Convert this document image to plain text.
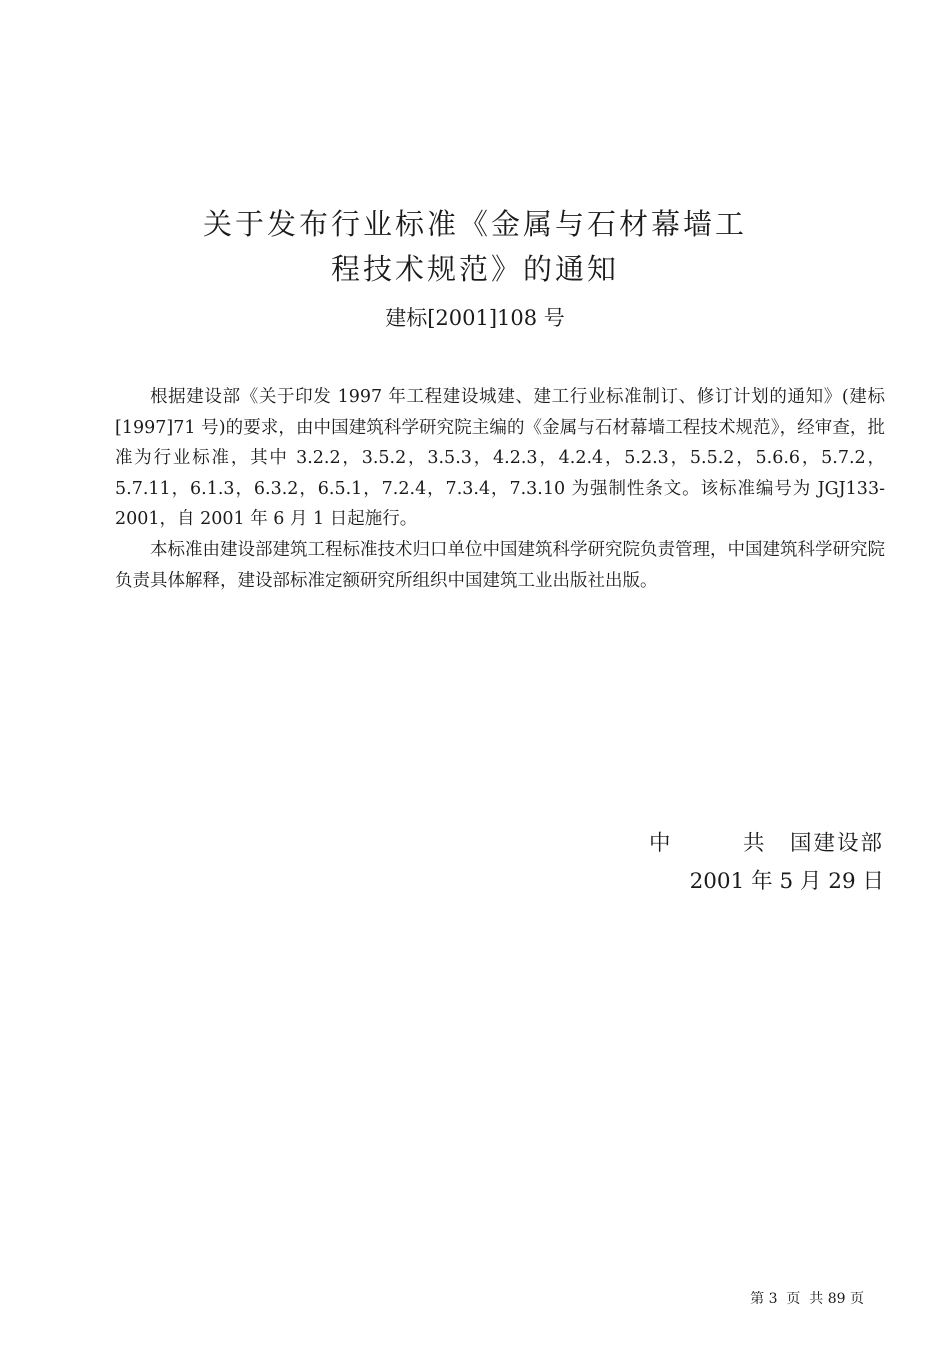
关于发布行业标准《金属与石材幕墙工
程技术规范》的通知
建标[2001]108 号

根据建设部《关于印发 1997 年工程建设城建、建工行业标准制订、修订计划的通知》(建标[1997]71 号)的要求，由中国建筑科学研究院主编的《金属与石材幕墙工程技术规范》，经审查，批准为行业标准，其中 3.2.2，3.5.2，3.5.3，4.2.3，4.2.4，5.2.3，5.5.2，5.6.6，5.7.2，5.7.11，6.1.3，6.3.2，6.5.1，7.2.4，7.3.4，7.3.10 为强制性条文。该标准编号为 JGJ133-2001，自 2001 年 6 月 1 日起施行。

本标准由建设部建筑工程标准技术归口单位中国建筑科学研究院负责管理，中国建筑科学研究院负责具体解释，建设部标准定额研究所组织中国建筑工业出版社出版。

中　　　共　国建设部
2001 年 5 月 29 日
第 3  页  共 89 页
